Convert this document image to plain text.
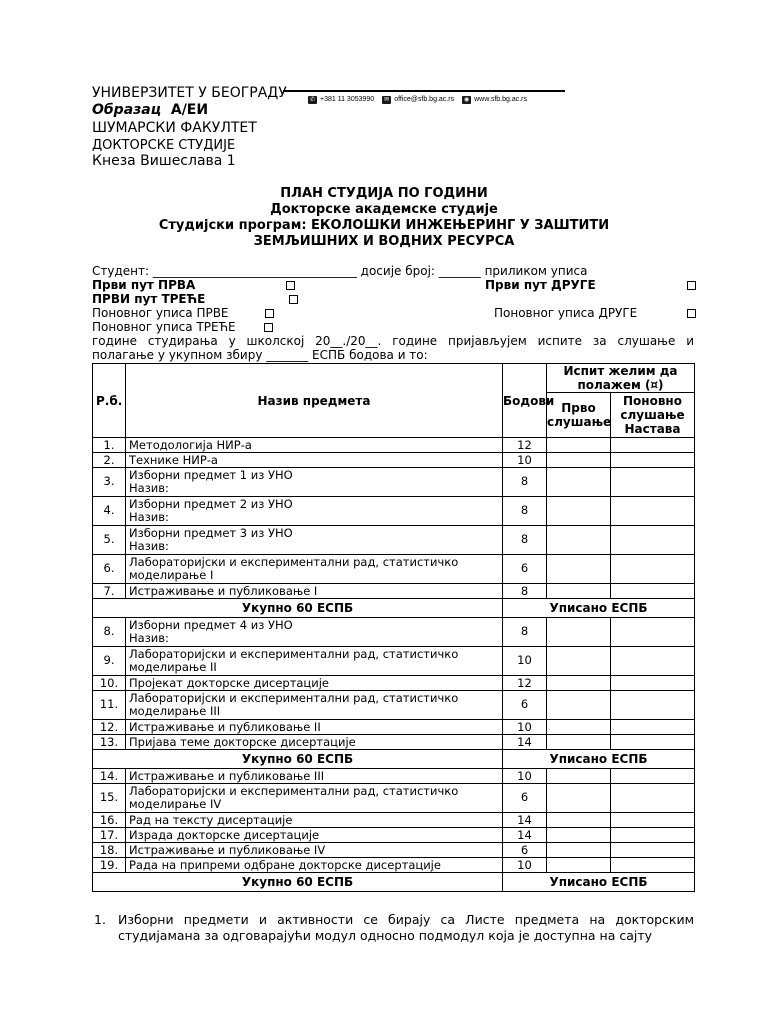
УНИВЕРЗИТЕТ У БЕОГРАДУ	✆ +381 11 3053990	✉ office@sfb.bg.ac.rs	◉ www.sfb.bg.ac.rs
Образац А/ЕИ
ШУМАРСКИ ФАКУЛТЕТ
ДОКТОРСКЕ СТУДИЈЕ
Кнеза Вишеслава 1
ПЛАН СТУДИЈА ПО ГОДИНИ
Докторске академске студије
Студијски програм: ЕКОЛОШКИ ИНЖЕЊЕРИНГ У ЗАШТИТИ
ЗЕМЉИШНИХ И ВОДНИХ РЕСУРСА
Студент: __________________________________ досије број: _______ приликом уписа
Први пут ПРВА	Први пут ДРУГЕ
ПРВИ пут ТРЕЋЕ
Поновног уписа ПРВЕ	Поновног уписа ДРУГЕ
Поновног уписа ТРЕЋЕ
године студирања у школској 20__./20__. године пријављујем испите за слушање и
полагање у укупном збиру _______ ЕСПБ бодова и то:
Р.б.	Назив предмета	Бодови	Испит желим да полажем (¤)	
			Прво слушање	Поновно слушање Настава
1.	Методологија НИР-а	12		
2.	Технике НИР-а	10		
3.	Изборни предмет 1 из УНО
Назив:	8		
4.	Изборни предмет 2 из УНО
Назив:	8		
5.	Изборни предмет 3 из УНО
Назив:	8		
6.	Лабораторијски и експериментални рад, статистичко
моделирање I	6		
7.	Истраживање и публиковање I	8		
Укупно 60 ЕСПБ		Уписано ЕСПБ		
8.	Изборни предмет 4 из УНО
Назив:	8		
9.	Лабораторијски и експериментални рад, статистичко
моделирање II	10		
10.	Пројекат докторске дисертације	12		
11.	Лабораторијски и експериментални рад, статистичко
моделирање III	6		
12.	Истраживање и публиковање II	10		
13.	Пријава теме докторске дисертације	14		
Укупно 60 ЕСПБ		Уписано ЕСПБ		
14.	Истраживање и публиковање III	10		
15.	Лабораторијски и експериментални рад, статистичко
моделирање IV	6		
16.	Рад на тексту дисертације	14		
17.	Израда докторске дисертације	14		
18.	Истраживање и публиковање IV	6		
19.	Рада на припреми одбране докторске дисертације	10		
Укупно 60 ЕСПБ		Уписано ЕСПБ		
1. Изборни предмети и активности се бирају са Листе предмета на докторским студијамана за одговарајући модул односно подмодул која је доступна на сајту
